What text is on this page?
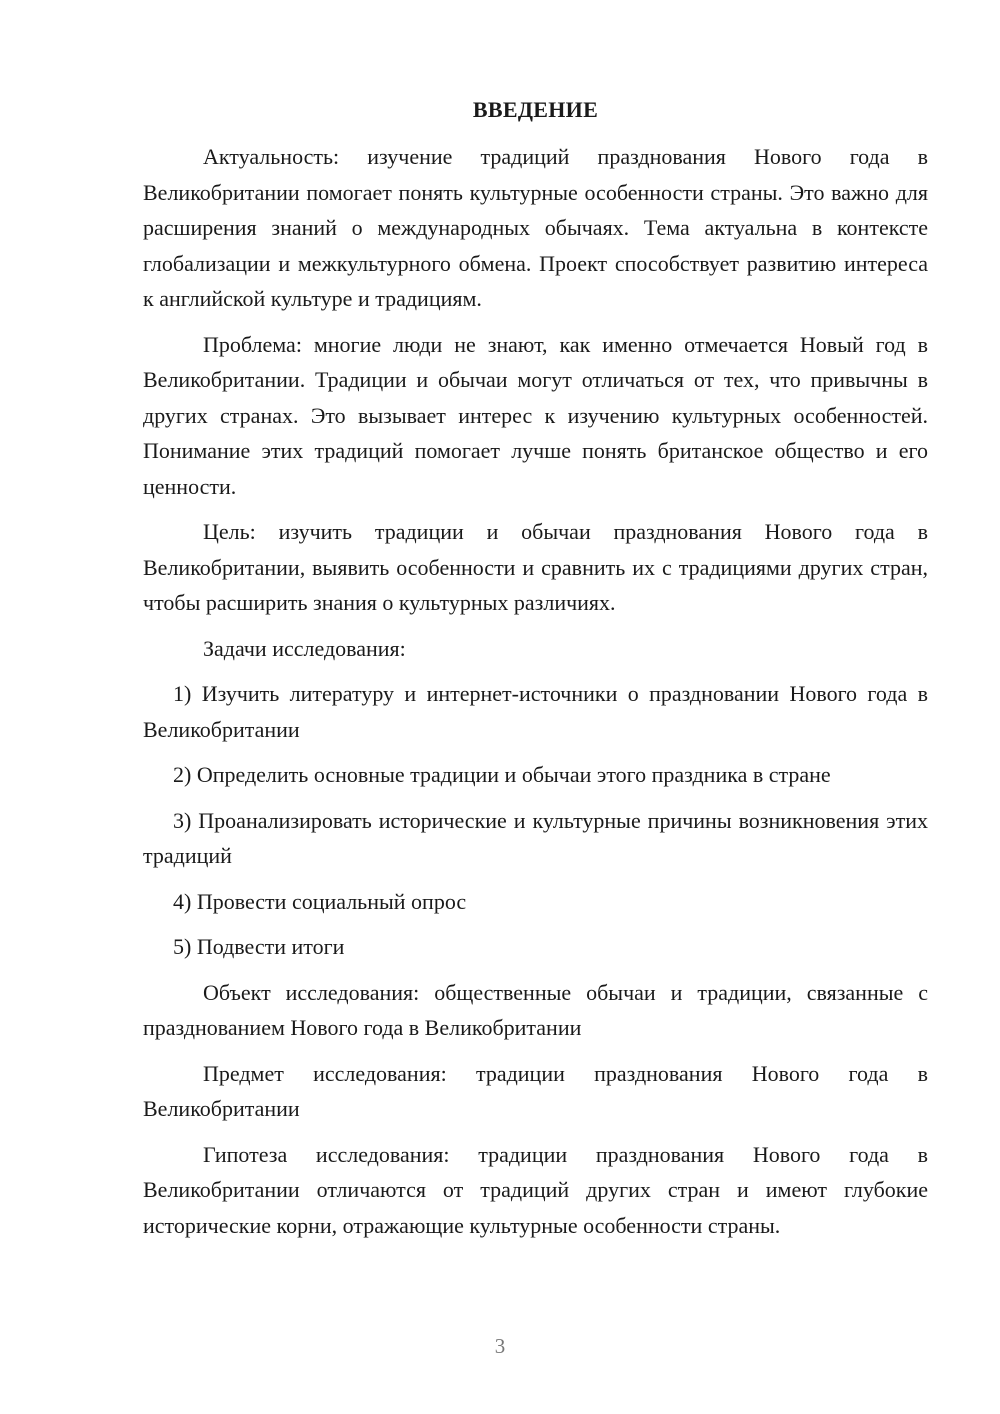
ВВЕДЕНИЕ

Актуальность: изучение традиций празднования Нового года в Великобритании помогает понять культурные особенности страны. Это важно для расширения знаний о международных обычаях. Тема актуальна в контексте глобализации и межкультурного обмена. Проект способствует развитию интереса к английской культуре и традициям.

Проблема: многие люди не знают, как именно отмечается Новый год в Великобритании. Традиции и обычаи могут отличаться от тех, что привычны в других странах. Это вызывает интерес к изучению культурных особенностей. Понимание этих традиций помогает лучше понять британское общество и его ценности.

Цель: изучить традиции и обычаи празднования Нового года в Великобритании, выявить особенности и сравнить их с традициями других стран, чтобы расширить знания о культурных различиях.

Задачи исследования:

1) Изучить литературу и интернет-источники о праздновании Нового года в Великобритании

2) Определить основные традиции и обычаи этого праздника в стране

3) Проанализировать исторические и культурные причины возникновения этих традиций

4) Провести социальный опрос

5) Подвести итоги

Объект исследования: общественные обычаи и традиции, связанные с празднованием Нового года в Великобритании

Предмет исследования: традиции празднования Нового года в Великобритании

Гипотеза исследования: традиции празднования Нового года в Великобритании отличаются от традиций других стран и имеют глубокие исторические корни, отражающие культурные особенности страны.

3
